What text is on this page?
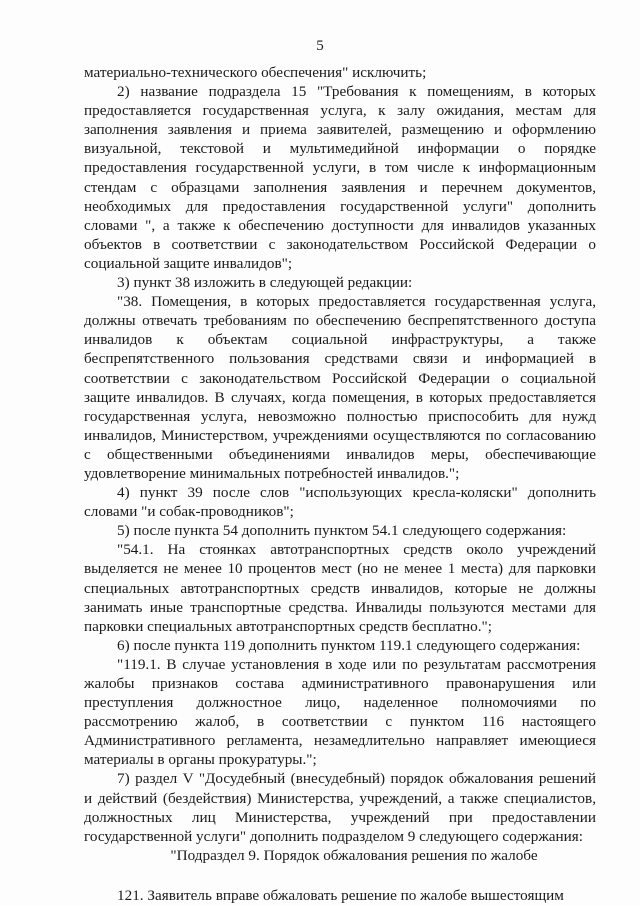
5

материально-технического обеспечения" исключить;

2) название подраздела 15 "Требования к помещениям, в которых предоставляется государственная услуга, к залу ожидания, местам для заполнения заявления и приема заявителей, размещению и оформлению визуальной, текстовой и мультимедийной информации о порядке предоставления государственной услуги, в том числе к информационным стендам с образцами заполнения заявления и перечнем документов, необходимых для предоставления государственной услуги" дополнить словами ", а также к обеспечению доступности для инвалидов указанных объектов в соответствии с законодательством Российской Федерации о социальной защите инвалидов";

3) пункт 38 изложить в следующей редакции:

"38. Помещения, в которых предоставляется государственная услуга, должны отвечать требованиям по обеспечению беспрепятственного доступа инвалидов к объектам социальной инфраструктуры, а также беспрепятственного пользования средствами связи и информацией в соответствии с законодательством Российской Федерации о социальной защите инвалидов. В случаях, когда помещения, в которых предоставляется государственная услуга, невозможно полностью приспособить для нужд инвалидов, Министерством, учреждениями осуществляются по согласованию с общественными объединениями инвалидов меры, обеспечивающие удовлетворение минимальных потребностей инвалидов.";

4) пункт 39 после слов "использующих кресла-коляски" дополнить словами "и собак-проводников";

5) после пункта 54 дополнить пунктом 54.1 следующего содержания:

"54.1. На стоянках автотранспортных средств около учреждений выделяется не менее 10 процентов мест (но не менее 1 места) для парковки специальных автотранспортных средств инвалидов, которые не должны занимать иные транспортные средства. Инвалиды пользуются местами для парковки специальных автотранспортных средств бесплатно.";

6) после пункта 119 дополнить пунктом 119.1 следующего содержания:

"119.1. В случае установления в ходе или по результатам рассмотрения жалобы признаков состава административного правонарушения или преступления должностное лицо, наделенное полномочиями по рассмотрению жалоб, в соответствии с пунктом 116 настоящего Административного регламента, незамедлительно направляет имеющиеся материалы в органы прокуратуры.";

7) раздел V "Досудебный (внесудебный) порядок обжалования решений и действий (бездействия) Министерства, учреждений, а также специалистов, должностных лиц Министерства, учреждений при предоставлении государственной услуги" дополнить подразделом 9 следующего содержания:

"Подраздел 9. Порядок обжалования решения по жалобе

121. Заявитель вправе обжаловать решение по жалобе вышестоящим
